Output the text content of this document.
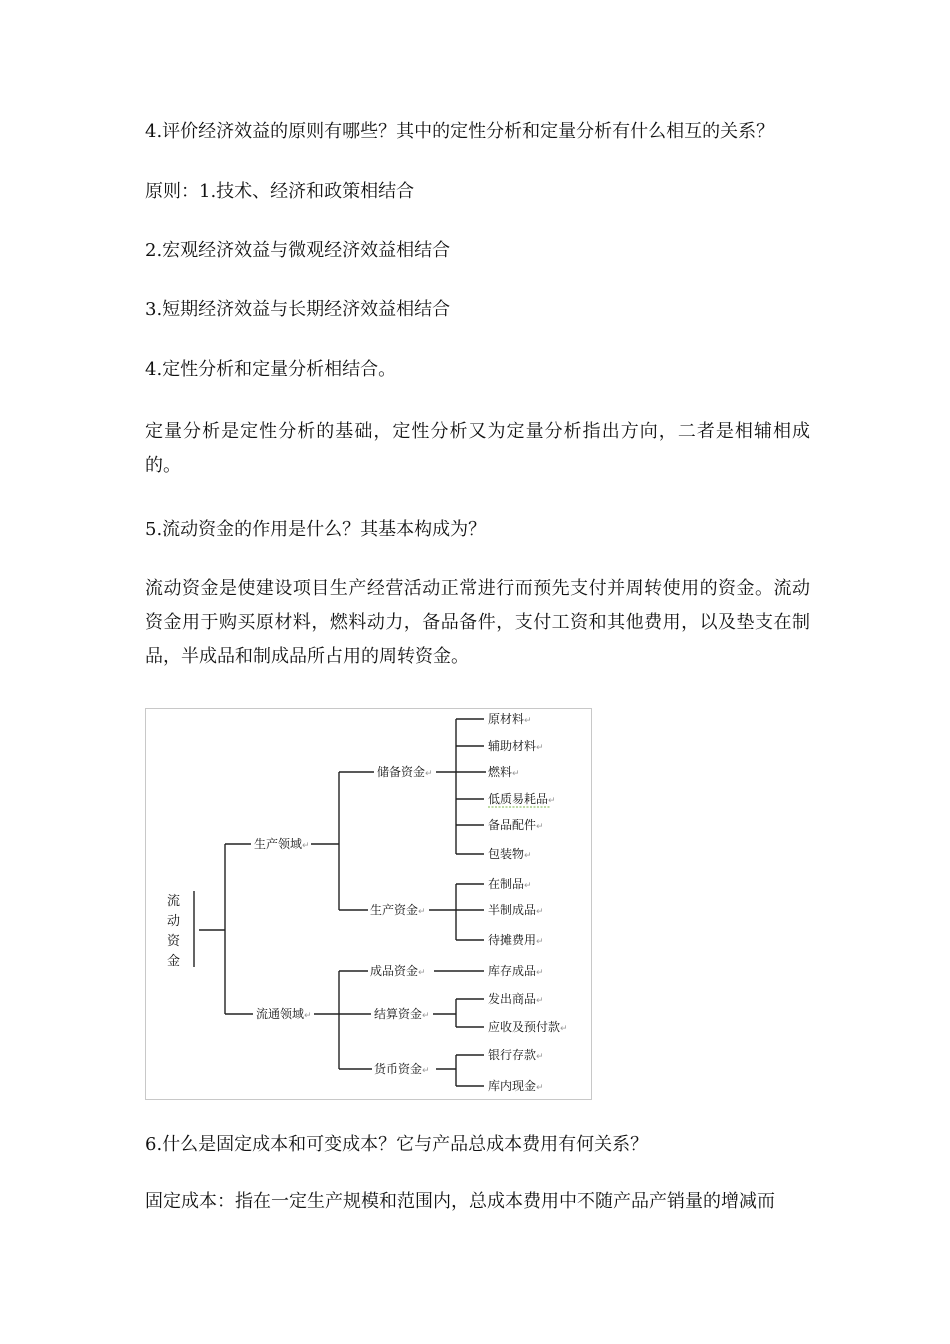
4.评价经济效益的原则有哪些？其中的定性分析和定量分析有什么相互的关系？
原则：1.技术、经济和政策相结合
2.宏观经济效益与微观经济效益相结合
3.短期经济效益与长期经济效益相结合
4.定性分析和定量分析相结合。
定量分析是定性分析的基础，定性分析又为定量分析指出方向，二者是相辅相成的。
5.流动资金的作用是什么？其基本构成为？
流动资金是使建设项目生产经营活动正常进行而预先支付并周转使用的资金。流动资金用于购买原材料，燃料动力，备品备件，支付工资和其他费用，以及垫支在制品，半成品和制成品所占用的周转资金。
流
动
资
金
生产领域↵
流通领域↵
储备资金↵
生产资金↵
成品资金↵
结算资金↵
货币资金↵
原材料↵
辅助材料↵
燃料↵
低质易耗品↵
备品配件↵
包装物↵
在制品↵
半制成品↵
待摊费用↵
库存成品↵
发出商品↵
应收及预付款↵
银行存款↵
库内现金↵
6.什么是固定成本和可变成本？它与产品总成本费用有何关系？
固定成本：指在一定生产规模和范围内，总成本费用中不随产品产销量的增减而
